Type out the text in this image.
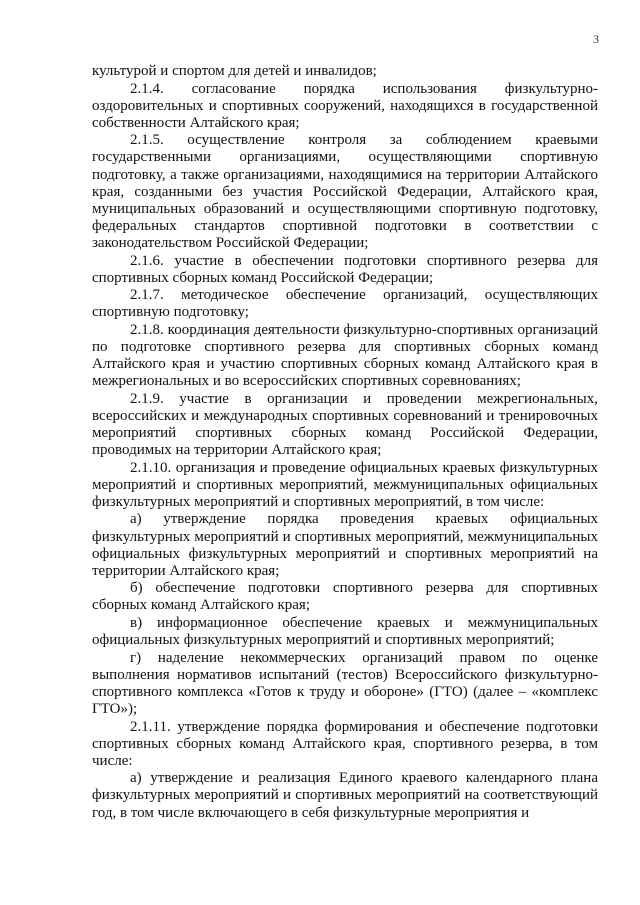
3

культурой и спортом для детей и инвалидов;

2.1.4. согласование порядка использования физкультурно-оздоровительных и спортивных сооружений, находящихся в государственной собственности Алтайского края;

2.1.5. осуществление контроля за соблюдением краевыми государственными организациями, осуществляющими спортивную подготовку, а также организациями, находящимися на территории Алтайского края, созданными без участия Российской Федерации, Алтайского края, муниципальных образований и осуществляющими спортивную подготовку, федеральных стандартов спортивной подготовки в соответствии с законодательством Российской Федерации;

2.1.6. участие в обеспечении подготовки спортивного резерва для спортивных сборных команд Российской Федерации;

2.1.7. методическое обеспечение организаций, осуществляющих спортивную подготовку;

2.1.8. координация деятельности физкультурно-спортивных организаций по подготовке спортивного резерва для спортивных сборных команд Алтайского края и участию спортивных сборных команд Алтайского края в межрегиональных и во всероссийских спортивных соревнованиях;

2.1.9. участие в организации и проведении межрегиональных, всероссийских и международных спортивных соревнований и тренировочных мероприятий спортивных сборных команд Российской Федерации, проводимых на территории Алтайского края;

2.1.10. организация и проведение официальных краевых физкультурных мероприятий и спортивных мероприятий, межмуниципальных официальных физкультурных мероприятий и спортивных мероприятий, в том числе:

а) утверждение порядка проведения краевых официальных физкультурных мероприятий и спортивных мероприятий, межмуниципальных официальных физкультурных мероприятий и спортивных мероприятий на территории Алтайского края;

б) обеспечение подготовки спортивного резерва для спортивных сборных команд Алтайского края;

в) информационное обеспечение краевых и межмуниципальных официальных физкультурных мероприятий и спортивных мероприятий;

г) наделение некоммерческих организаций правом по оценке выполнения нормативов испытаний (тестов) Всероссийского физкультурно-спортивного комплекса «Готов к труду и обороне» (ГТО) (далее – «комплекс ГТО»);

2.1.11. утверждение порядка формирования и обеспечение подготовки спортивных сборных команд Алтайского края, спортивного резерва, в том числе:

а) утверждение и реализация Единого краевого календарного плана физкультурных мероприятий и спортивных мероприятий на соответствующий год, в том числе включающего в себя физкультурные мероприятия и
